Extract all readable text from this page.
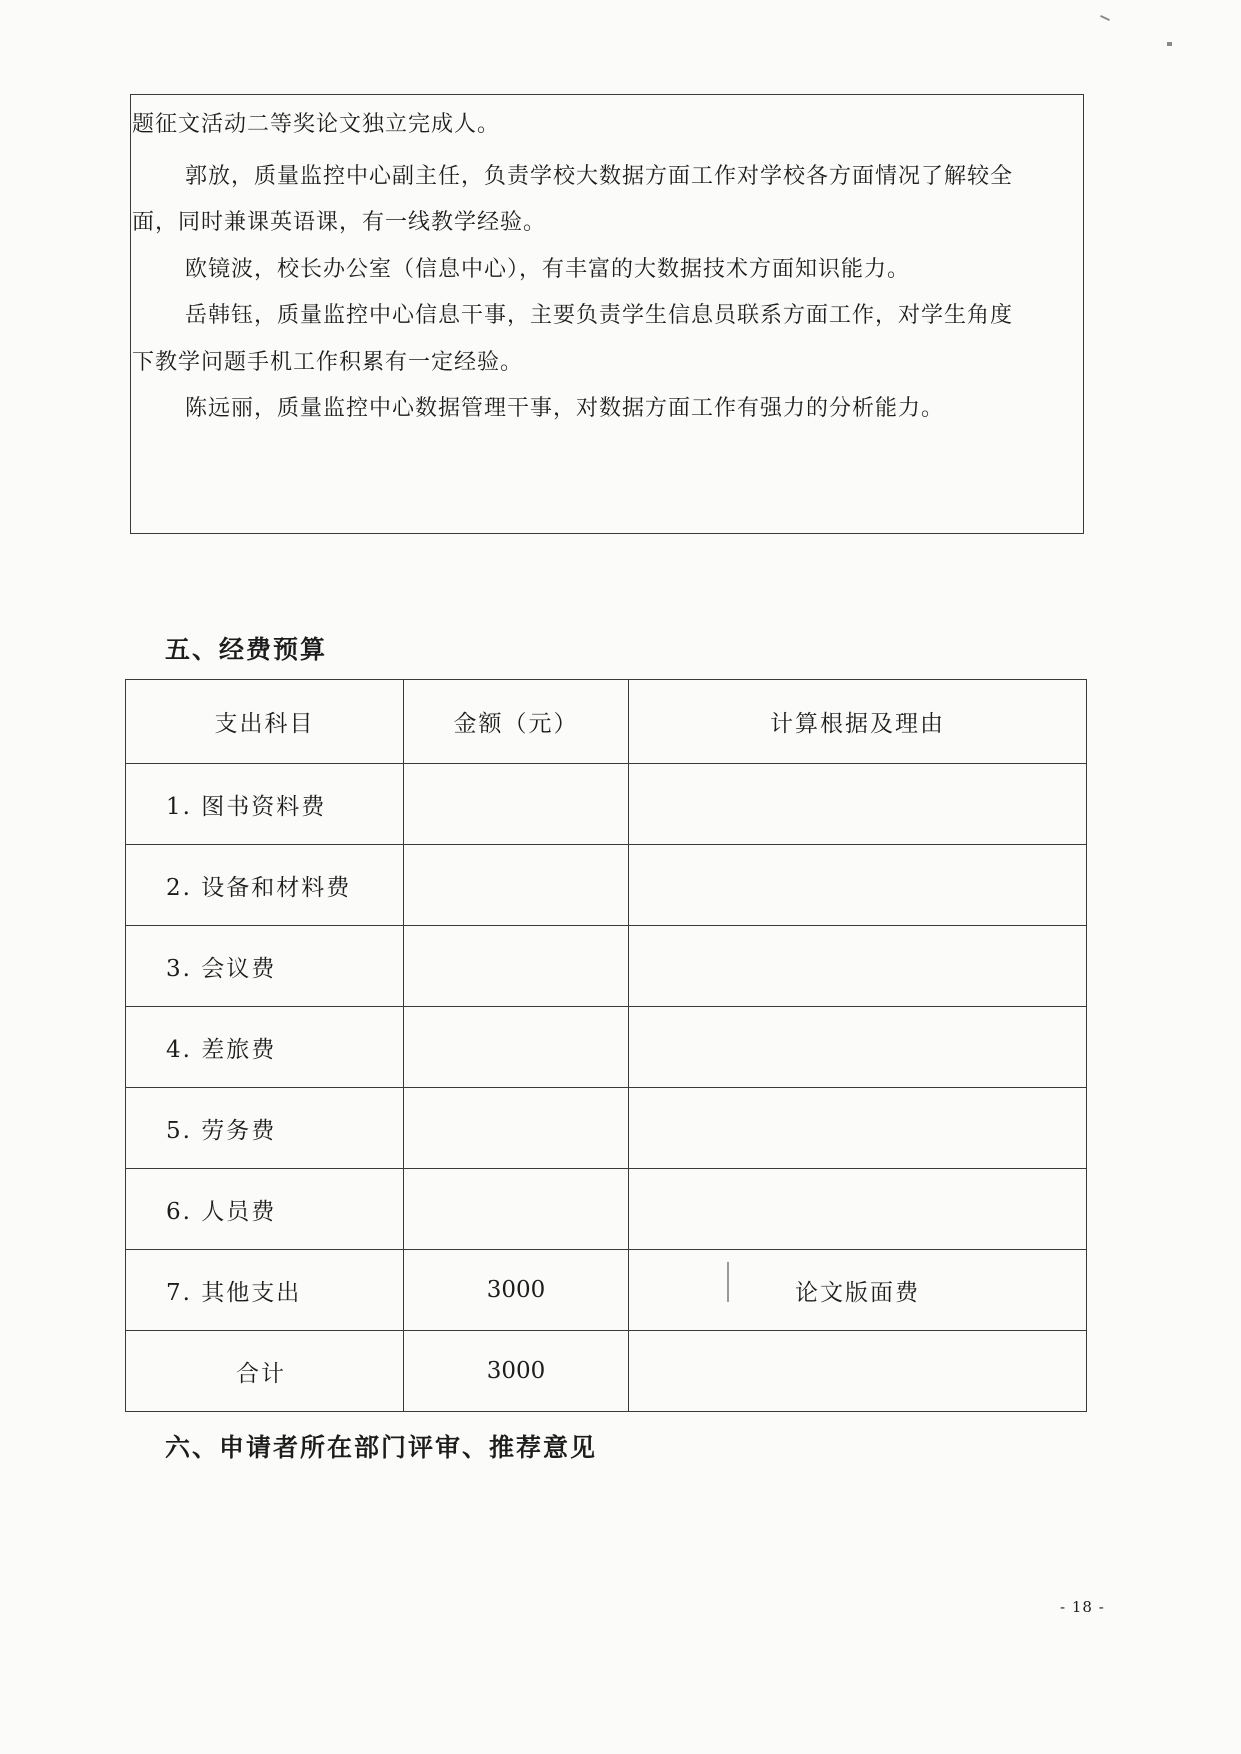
题征文活动二等奖论文独立完成人。
郭放，质量监控中心副主任，负责学校大数据方面工作对学校各方面情况了解较全
面，同时兼课英语课，有一线教学经验。
欧镜波，校长办公室（信息中心），有丰富的大数据技术方面知识能力。
岳韩钰，质量监控中心信息干事，主要负责学生信息员联系方面工作，对学生角度
下教学问题手机工作积累有一定经验。
陈远丽，质量监控中心数据管理干事，对数据方面工作有强力的分析能力。
五、经费预算
支出科目	金额（元）	计算根据及理由
1. 图书资料费		
2. 设备和材料费		
3. 会议费		
4. 差旅费		
5. 劳务费		
6. 人员费		
7. 其他支出	3000	论文版面费
合计	3000	
六、申请者所在部门评审、推荐意见
- 18 -
